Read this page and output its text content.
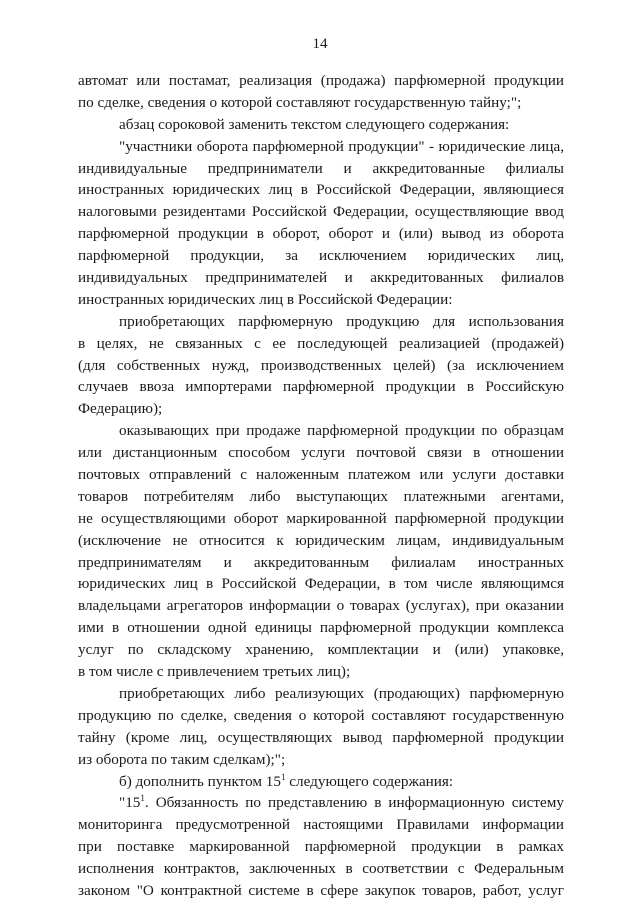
14
автомат или постамат, реализация (продажа) парфюмерной продукции
по сделке, сведения о которой составляют государственную тайну;";
абзац сороковой заменить текстом следующего содержания:
"участники оборота парфюмерной продукции" - юридические лица,
индивидуальные предприниматели и аккредитованные филиалы
иностранных юридических лиц в Российской Федерации, являющиеся
налоговыми резидентами Российской Федерации, осуществляющие ввод
парфюмерной продукции в оборот, оборот и (или) вывод из оборота
парфюмерной продукции, за исключением юридических лиц,
индивидуальных предпринимателей и аккредитованных филиалов
иностранных юридических лиц в Российской Федерации:
приобретающих парфюмерную продукцию для использования
в целях, не связанных с ее последующей реализацией (продажей)
(для собственных нужд, производственных целей) (за исключением
случаев ввоза импортерами парфюмерной продукции в Российскую
Федерацию);
оказывающих при продаже парфюмерной продукции по образцам
или дистанционным способом услуги почтовой связи в отношении
почтовых отправлений с наложенным платежом или услуги доставки
товаров потребителям либо выступающих платежными агентами,
не осуществляющими оборот маркированной парфюмерной продукции
(исключение не относится к юридическим лицам, индивидуальным
предпринимателям и аккредитованным филиалам иностранных
юридических лиц в Российской Федерации, в том числе являющимся
владельцами агрегаторов информации о товарах (услугах), при оказании
ими в отношении одной единицы парфюмерной продукции комплекса
услуг по складскому хранению, комплектации и (или) упаковке,
в том числе с привлечением третьих лиц);
приобретающих либо реализующих (продающих) парфюмерную
продукцию по сделке, сведения о которой составляют государственную
тайну (кроме лиц, осуществляющих вывод парфюмерной продукции
из оборота по таким сделкам);";
б) дополнить пунктом $15^1$ следующего содержания:
"$15^1$. Обязанность по представлению в информационную систему
мониторинга предусмотренной настоящими Правилами информации
при поставке маркированной парфюмерной продукции в рамках
исполнения контрактов, заключенных в соответствии с Федеральным
законом "О контрактной системе в сфере закупок товаров, работ, услуг
